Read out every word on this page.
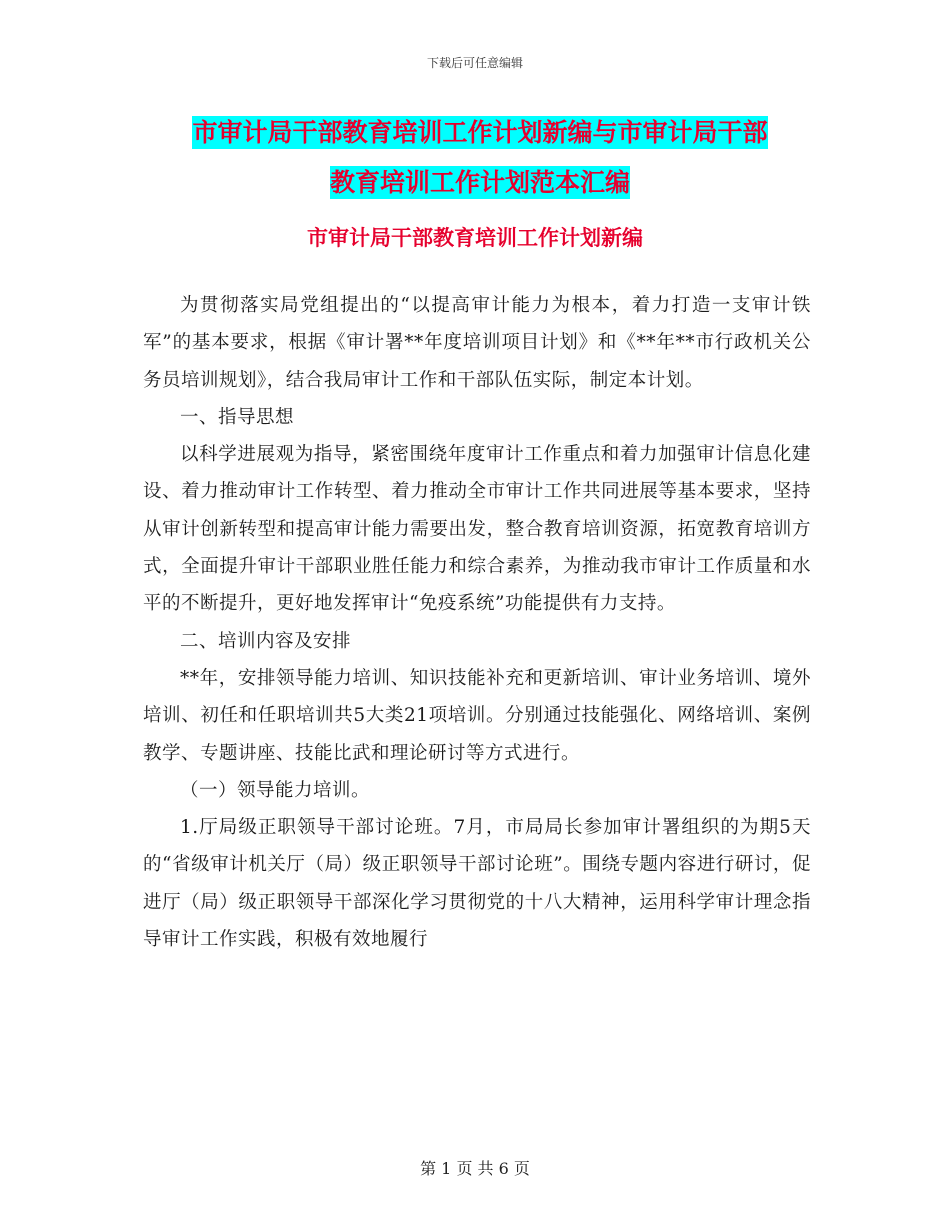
下载后可任意编辑
市审计局干部教育培训工作计划新编与市审计局干部
教育培训工作计划范本汇编
市审计局干部教育培训工作计划新编

为贯彻落实局党组提出的“以提高审计能力为根本，着力打造一支审计铁军”的基本要求，根据《审计署**年度培训项目计划》和《**年**市行政机关公务员培训规划》，结合我局审计工作和干部队伍实际，制定本计划。

一、指导思想

以科学进展观为指导，紧密围绕年度审计工作重点和着力加强审计信息化建设、着力推动审计工作转型、着力推动全市审计工作共同进展等基本要求，坚持从审计创新转型和提高审计能力需要出发，整合教育培训资源，拓宽教育培训方式，全面提升审计干部职业胜任能力和综合素养，为推动我市审计工作质量和水平的不断提升，更好地发挥审计“免疫系统”功能提供有力支持。

二、培训内容及安排

**年，安排领导能力培训、知识技能补充和更新培训、审计业务培训、境外培训、初任和任职培训共5大类21项培训。分别通过技能强化、网络培训、案例教学、专题讲座、技能比武和理论研讨等方式进行。

（一）领导能力培训。

1.厅局级正职领导干部讨论班。7月，市局局长参加审计署组织的为期5天的“省级审计机关厅（局）级正职领导干部讨论班”。围绕专题内容进行研讨，促进厅（局）级正职领导干部深化学习贯彻党的十八大精神，运用科学审计理念指导审计工作实践，积极有效地履行

第 1 页 共 6 页
